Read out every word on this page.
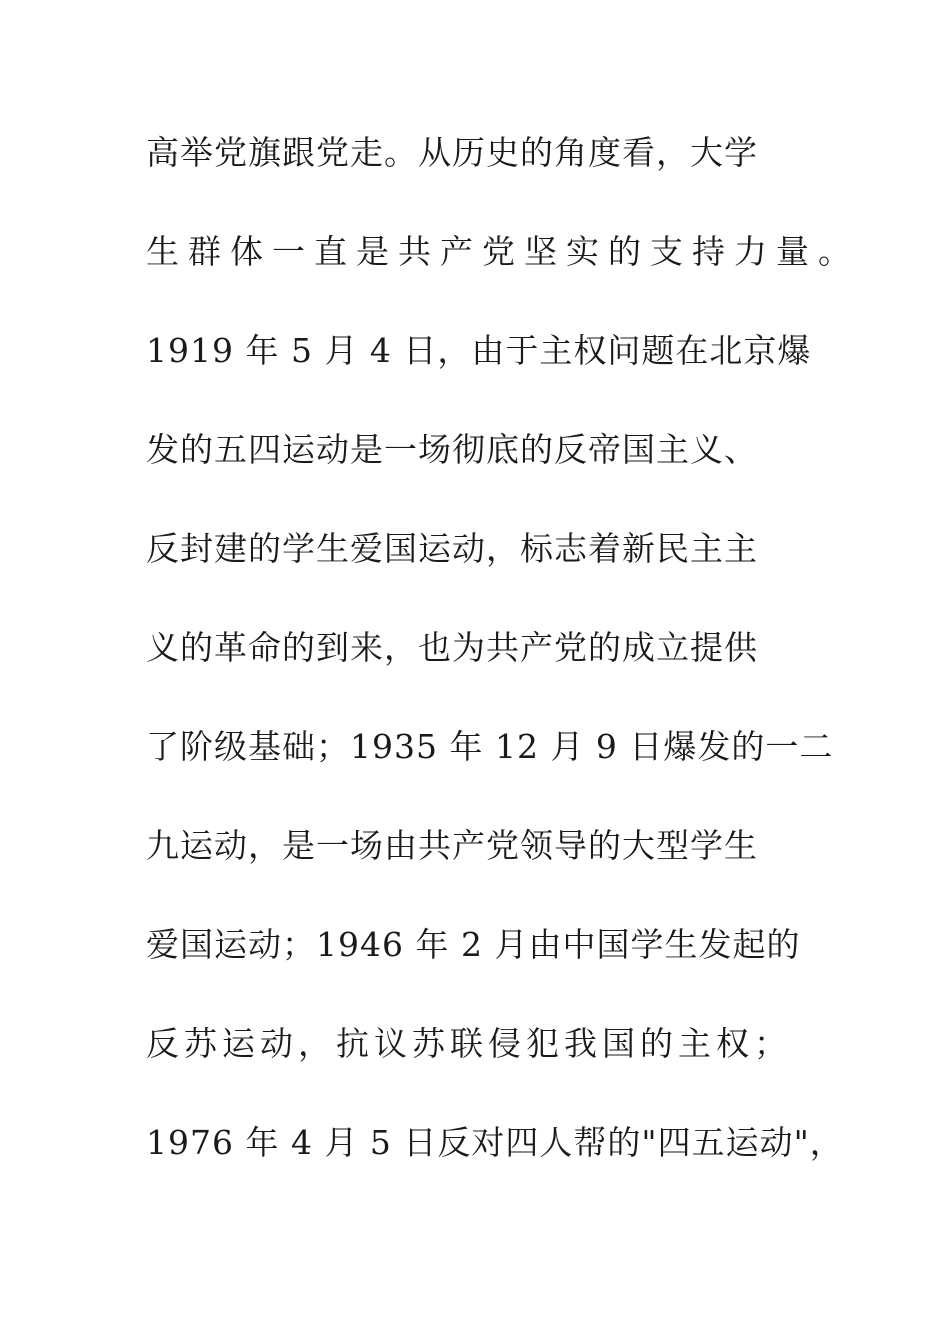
高举党旗跟党走。从历史的角度看，大学

生群体一直是共产党坚实的支持力量。

1919 年 5 月 4 日，由于主权问题在北京爆

发的五四运动是一场彻底的反帝国主义、

反封建的学生爱国运动，标志着新民主主

义的革命的到来，也为共产党的成立提供

了阶级基础；1935 年 12 月 9 日爆发的一二

九运动，是一场由共产党领导的大型学生

爱国运动；1946 年 2 月由中国学生发起的

反苏运动，抗议苏联侵犯我国的主权；

1976 年 4 月 5 日反对四人帮的"四五运动"，
